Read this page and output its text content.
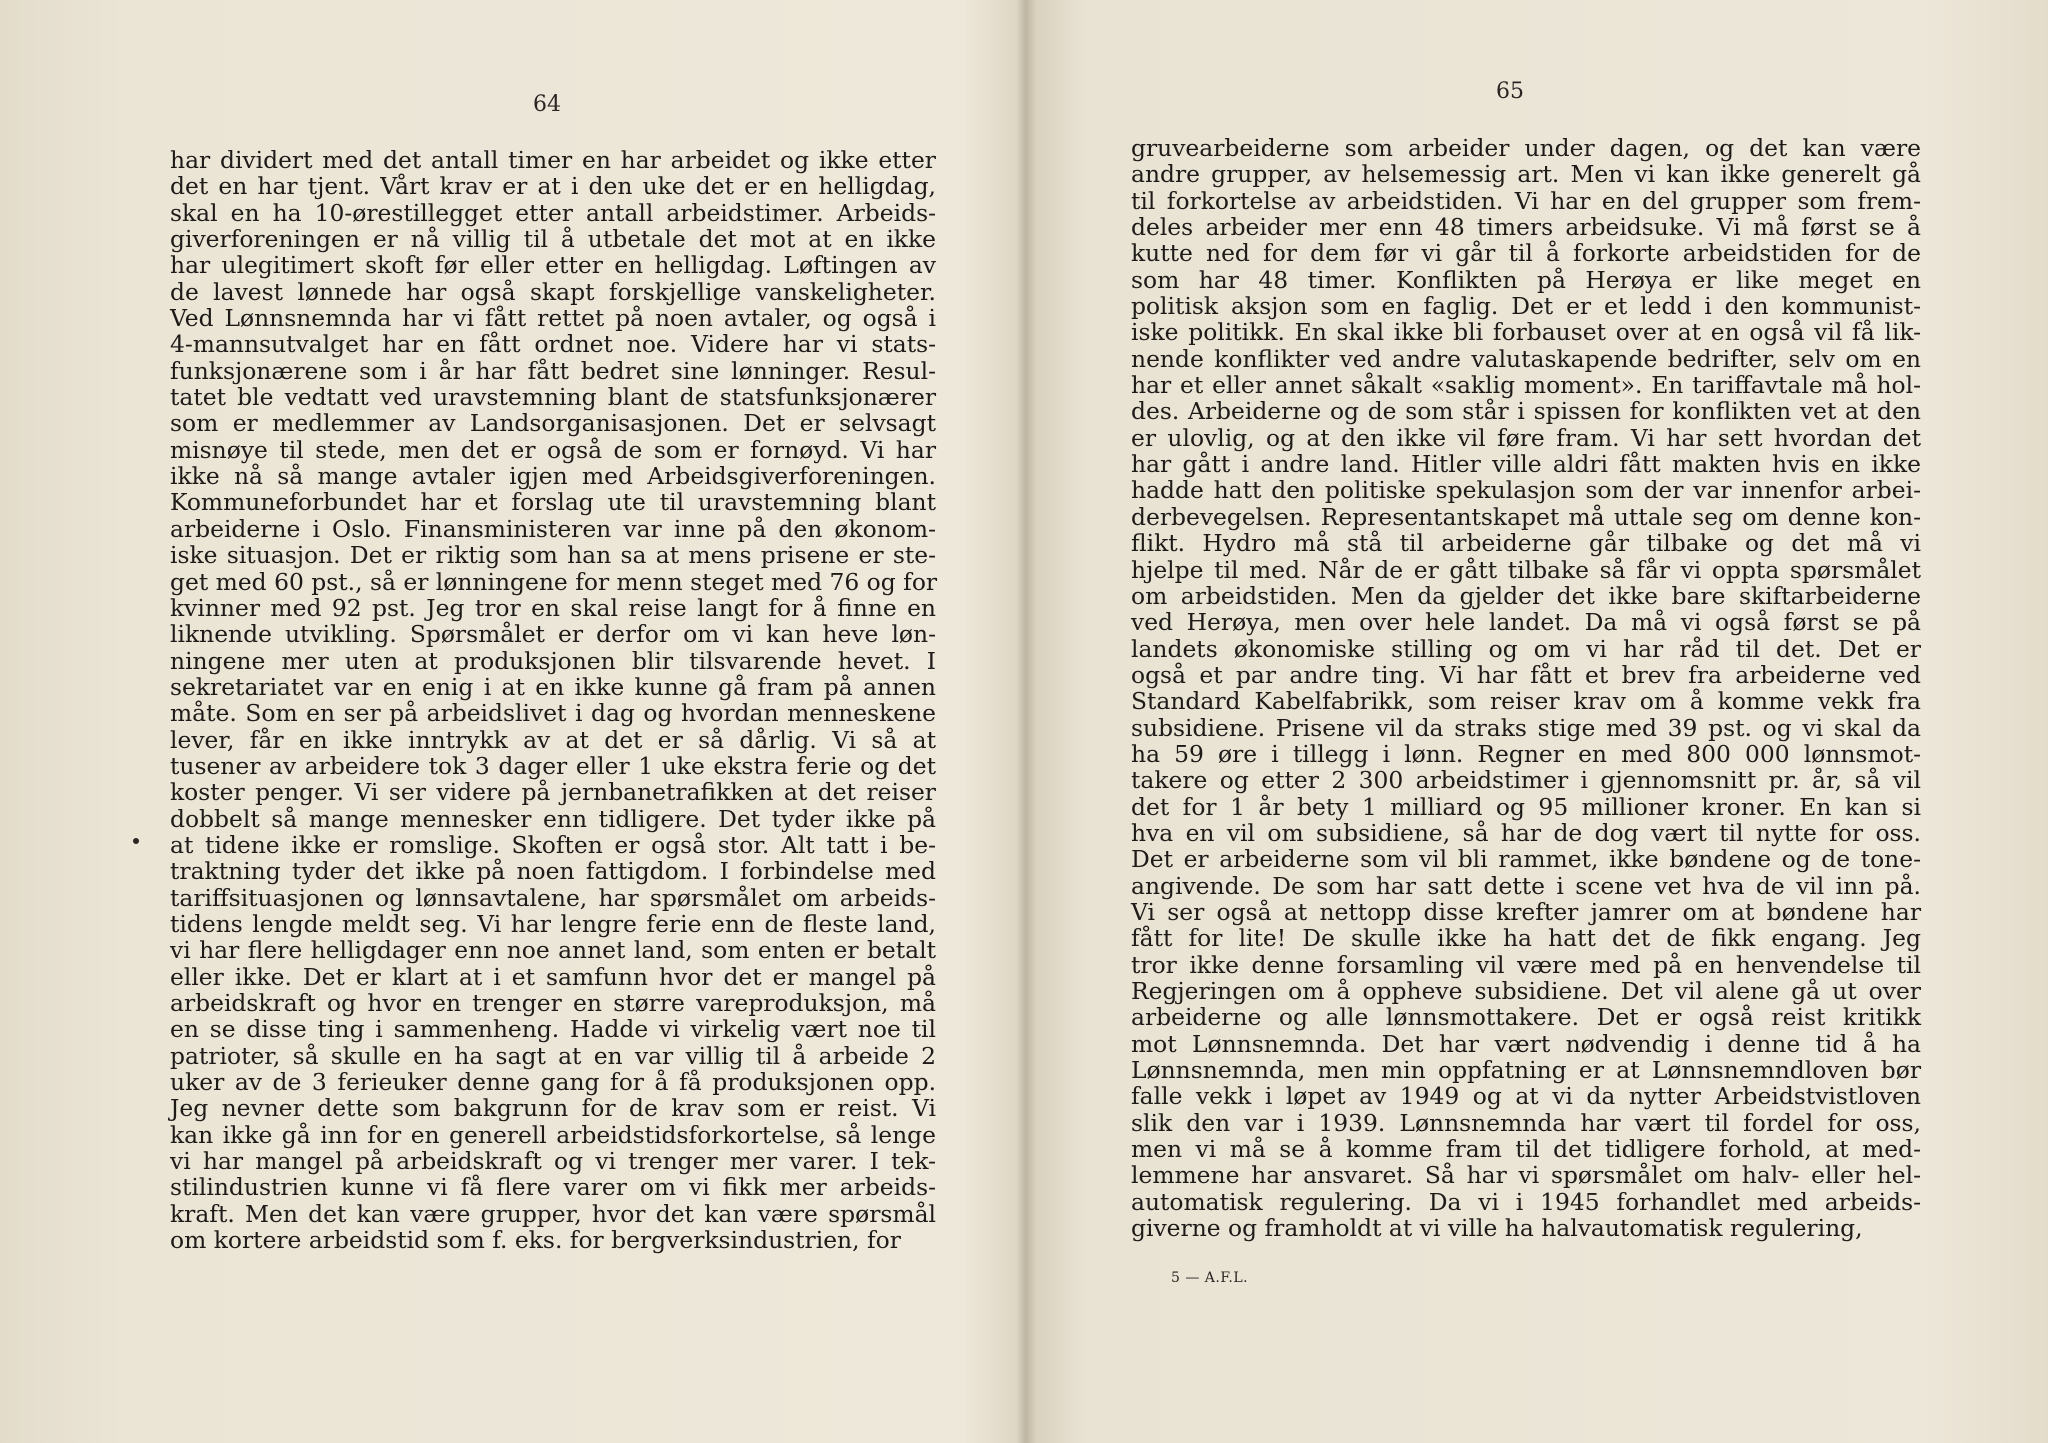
64
har dividert med det antall timer en har arbeidet og ikke etter
det en har tjent. Vårt krav er at i den uke det er en helligdag,
skal en ha 10-ørestillegget etter antall arbeidstimer. Arbeids-
giverforeningen er nå villig til å utbetale det mot at en ikke
har ulegitimert skoft før eller etter en helligdag. Løftingen av
de lavest lønnede har også skapt forskjellige vanskeligheter.
Ved Lønnsnemnda har vi fått rettet på noen avtaler, og også i
4-mannsutvalget har en fått ordnet noe. Videre har vi stats-
funksjonærene som i år har fått bedret sine lønninger. Resul-
tatet ble vedtatt ved uravstemning blant de statsfunksjonærer
som er medlemmer av Landsorganisasjonen. Det er selvsagt
misnøye til stede, men det er også de som er fornøyd. Vi har
ikke nå så mange avtaler igjen med Arbeidsgiverforeningen.
Kommuneforbundet har et forslag ute til uravstemning blant
arbeiderne i Oslo. Finansministeren var inne på den økonom-
iske situasjon. Det er riktig som han sa at mens prisene er ste-
get med 60 pst., så er lønningene for menn steget med 76 og for
kvinner med 92 pst. Jeg tror en skal reise langt for å finne en
liknende utvikling. Spørsmålet er derfor om vi kan heve løn-
ningene mer uten at produksjonen blir tilsvarende hevet. I
sekretariatet var en enig i at en ikke kunne gå fram på annen
måte. Som en ser på arbeidslivet i dag og hvordan menneskene
lever, får en ikke inntrykk av at det er så dårlig. Vi så at
tusener av arbeidere tok 3 dager eller 1 uke ekstra ferie og det
koster penger. Vi ser videre på jernbanetrafikken at det reiser
dobbelt så mange mennesker enn tidligere. Det tyder ikke på
at tidene ikke er romslige. Skoften er også stor. Alt tatt i be-
traktning tyder det ikke på noen fattigdom. I forbindelse med
tariffsituasjonen og lønnsavtalene, har spørsmålet om arbeids-
tidens lengde meldt seg. Vi har lengre ferie enn de fleste land,
vi har flere helligdager enn noe annet land, som enten er betalt
eller ikke. Det er klart at i et samfunn hvor det er mangel på
arbeidskraft og hvor en trenger en større vareproduksjon, må
en se disse ting i sammenheng. Hadde vi virkelig vært noe til
patrioter, så skulle en ha sagt at en var villig til å arbeide 2
uker av de 3 ferieuker denne gang for å få produksjonen opp.
Jeg nevner dette som bakgrunn for de krav som er reist. Vi
kan ikke gå inn for en generell arbeidstidsforkortelse, så lenge
vi har mangel på arbeidskraft og vi trenger mer varer. I tek-
stilindustrien kunne vi få flere varer om vi fikk mer arbeids-
kraft. Men det kan være grupper, hvor det kan være spørsmål
om kortere arbeidstid som f. eks. for bergverksindustrien, for
65
gruvearbeiderne som arbeider under dagen, og det kan være
andre grupper, av helsemessig art. Men vi kan ikke generelt gå
til forkortelse av arbeidstiden. Vi har en del grupper som frem-
deles arbeider mer enn 48 timers arbeidsuke. Vi må først se å
kutte ned for dem før vi går til å forkorte arbeidstiden for de
som har 48 timer. Konflikten på Herøya er like meget en
politisk aksjon som en faglig. Det er et ledd i den kommunist-
iske politikk. En skal ikke bli forbauset over at en også vil få lik-
nende konflikter ved andre valutaskapende bedrifter, selv om en
har et eller annet såkalt «saklig moment». En tariffavtale må hol-
des. Arbeiderne og de som står i spissen for konflikten vet at den
er ulovlig, og at den ikke vil føre fram. Vi har sett hvordan det
har gått i andre land. Hitler ville aldri fått makten hvis en ikke
hadde hatt den politiske spekulasjon som der var innenfor arbei-
derbevegelsen. Representantskapet må uttale seg om denne kon-
flikt. Hydro må stå til arbeiderne går tilbake og det må vi
hjelpe til med. Når de er gått tilbake så får vi oppta spørsmålet
om arbeidstiden. Men da gjelder det ikke bare skiftarbeiderne
ved Herøya, men over hele landet. Da må vi også først se på
landets økonomiske stilling og om vi har råd til det. Det er
også et par andre ting. Vi har fått et brev fra arbeiderne ved
Standard Kabelfabrikk, som reiser krav om å komme vekk fra
subsidiene. Prisene vil da straks stige med 39 pst. og vi skal da
ha 59 øre i tillegg i lønn. Regner en med 800 000 lønnsmot-
takere og etter 2 300 arbeidstimer i gjennomsnitt pr. år, så vil
det for 1 år bety 1 milliard og 95 millioner kroner. En kan si
hva en vil om subsidiene, så har de dog vært til nytte for oss.
Det er arbeiderne som vil bli rammet, ikke bøndene og de tone-
angivende. De som har satt dette i scene vet hva de vil inn på.
Vi ser også at nettopp disse krefter jamrer om at bøndene har
fått for lite! De skulle ikke ha hatt det de fikk engang. Jeg
tror ikke denne forsamling vil være med på en henvendelse til
Regjeringen om å oppheve subsidiene. Det vil alene gå ut over
arbeiderne og alle lønnsmottakere. Det er også reist kritikk
mot Lønnsnemnda. Det har vært nødvendig i denne tid å ha
Lønnsnemnda, men min oppfatning er at Lønnsnemndloven bør
falle vekk i løpet av 1949 og at vi da nytter Arbeidstvistloven
slik den var i 1939. Lønnsnemnda har vært til fordel for oss,
men vi må se å komme fram til det tidligere forhold, at med-
lemmene har ansvaret. Så har vi spørsmålet om halv- eller hel-
automatisk regulering. Da vi i 1945 forhandlet med arbeids-
giverne og framholdt at vi ville ha halvautomatisk regulering,
5 — A.F.L.
